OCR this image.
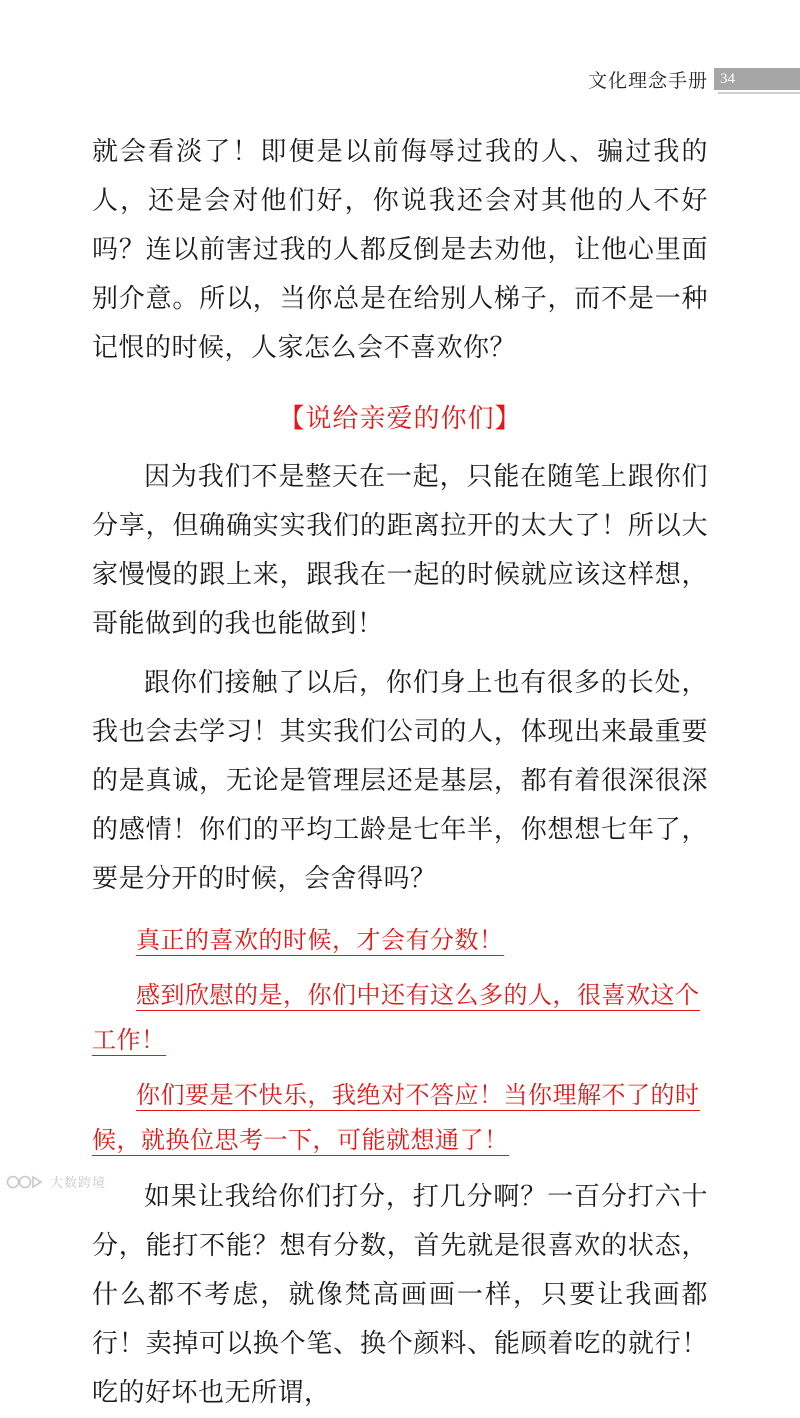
文化理念手册 34

就会看淡了！即便是以前侮辱过我的人、骗过我的人，还是会对他们好，你说我还会对其他的人不好吗？连以前害过我的人都反倒是去劝他，让他心里面别介意。所以，当你总是在给别人梯子，而不是一种记恨的时候，人家怎么会不喜欢你？

【说给亲爱的你们】

因为我们不是整天在一起，只能在随笔上跟你们分享，但确确实实我们的距离拉开的太大了！所以大家慢慢的跟上来，跟我在一起的时候就应该这样想，哥能做到的我也能做到！

跟你们接触了以后，你们身上也有很多的长处，我也会去学习！其实我们公司的人，体现出来最重要的是真诚，无论是管理层还是基层，都有着很深很深的感情！你们的平均工龄是七年半，你想想七年了，要是分开的时候，会舍得吗？

真正的喜欢的时候，才会有分数！
感到欣慰的是，你们中还有这么多的人，很喜欢这个
工作！
你们要是不快乐，我绝对不答应！当你理解不了的时
候，就换位思考一下，可能就想通了！

如果让我给你们打分，打几分啊？一百分打六十分，能打不能？想有分数，首先就是很喜欢的状态，什么都不考虑，就像梵高画画一样，只要让我画都行！卖掉可以换个笔、换个颜料、能顾着吃的就行！吃的好坏也无所谓，

大数跨境
